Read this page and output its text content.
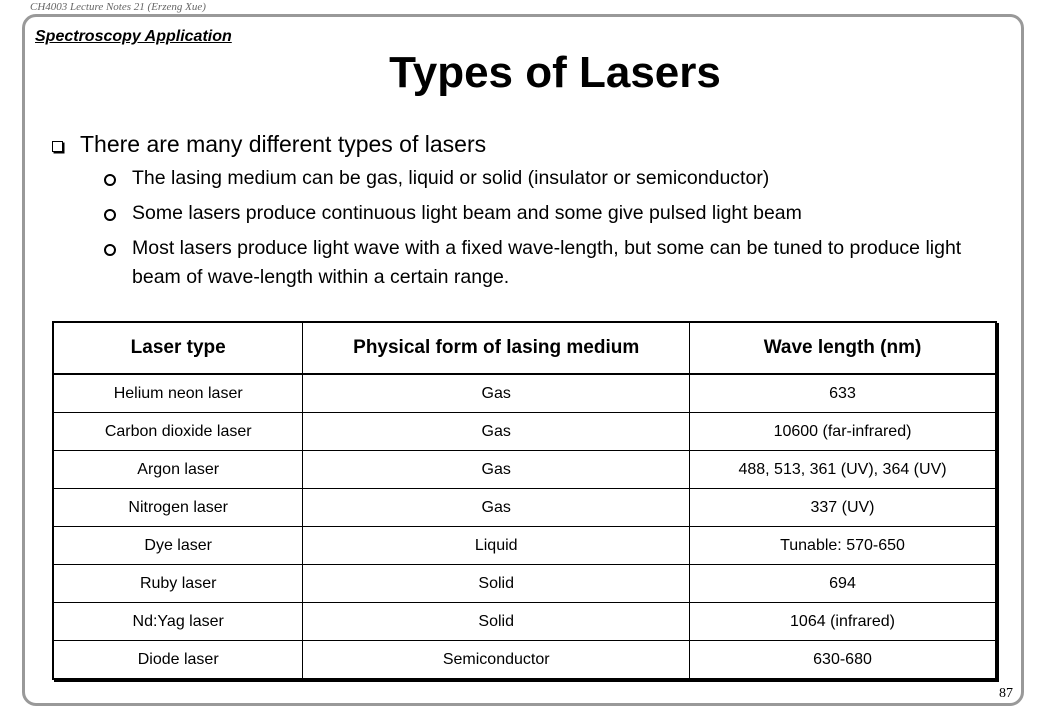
CH4003 Lecture Notes 21 (Erzeng Xue)
Spectroscopy Application
Types of Lasers
There are many different types of lasers
The lasing medium can be gas, liquid or solid (insulator or semiconductor)
Some lasers produce continuous light beam and some give pulsed light beam
Most lasers produce light wave with a fixed wave-length, but some can be tuned to produce light beam of wave-length within a certain range.
Laser type	Physical form of lasing medium	Wave length (nm)
Helium neon laser	Gas	633
Carbon dioxide laser	Gas	10600 (far-infrared)
Argon laser	Gas	488, 513, 361 (UV), 364 (UV)
Nitrogen laser	Gas	337 (UV)
Dye laser	Liquid	Tunable: 570-650
Ruby laser	Solid	694
Nd:Yag laser	Solid	1064 (infrared)
Diode laser	Semiconductor	630-680
87
